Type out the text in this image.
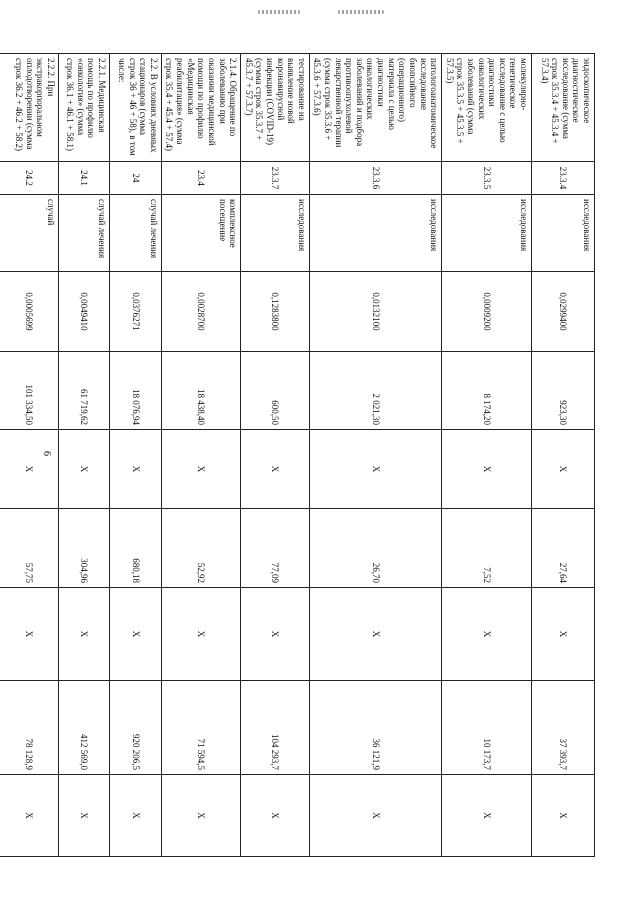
6
эндоскопическое диагностическое исследование (сумма строк 35.3.4 + 45.3.4 + 57.3.4)	23.3.4	исследования	0,0299400	923,30	Х	27,64	Х	37 393,7	Х
молекулярно-генетическое исследование с целью диагностики онкологических заболеваний (сумма строк 35.3.5 + 45.3.5 + 57.3.5)	23.3.5	исследования	0,0009200	8 174,20	Х	7,52	Х	10 173,7	Х
патологоанатомическое исследование биопсийного (операционного) материала с целью диагностики онкологических заболеваний и подбора противоопухолевой лекарственной терапии (сумма строк 35.3.6 + 45.3.6 + 57.3.6)	23.3.6	исследования	0,0132100	2 021,30	Х	26,70	Х	36 121,9	Х
тестирование на выявление новой коронавирусной инфекции (COVID-19) (сумма строк 35.3.7 + 45.3.7 + 57.3.7)	23.3.7	исследования	0,1283800	600,50	Х	77,09	Х	104 293,7	Х
2.1.4. Обращение по заболеванию при оказании медицинской помощи по профилю «Медицинская реабилитация» (сумма строк 35.4 + 45.4 + 57.4)	23.4	комплексное посещение	0,0028700	18 438,40	Х	52,92	Х	71 594,5	Х
2.2. В условиях дневных стационаров (сумма строк 36 + 46 + 58), в том числе:	24	случай лечения	0,0376271	18 076,94	Х	680,18	Х	920 206,5	Х
2.2.1. Медицинская помощь по профилю «онкология» (сумма строк 36.1 + 46.1 + 58.1)	24.1	случай лечения	0,0049410	61 719,62	Х	304,96	Х	412 569,0	Х
2.2.2. При экстракорпоральном оплодотворении (сумма строк 36.2 + 46.2 + 58.2)	24.2	случай	0,0005699	101 334,50	Х	57,75	Х	78 128,9	Х
